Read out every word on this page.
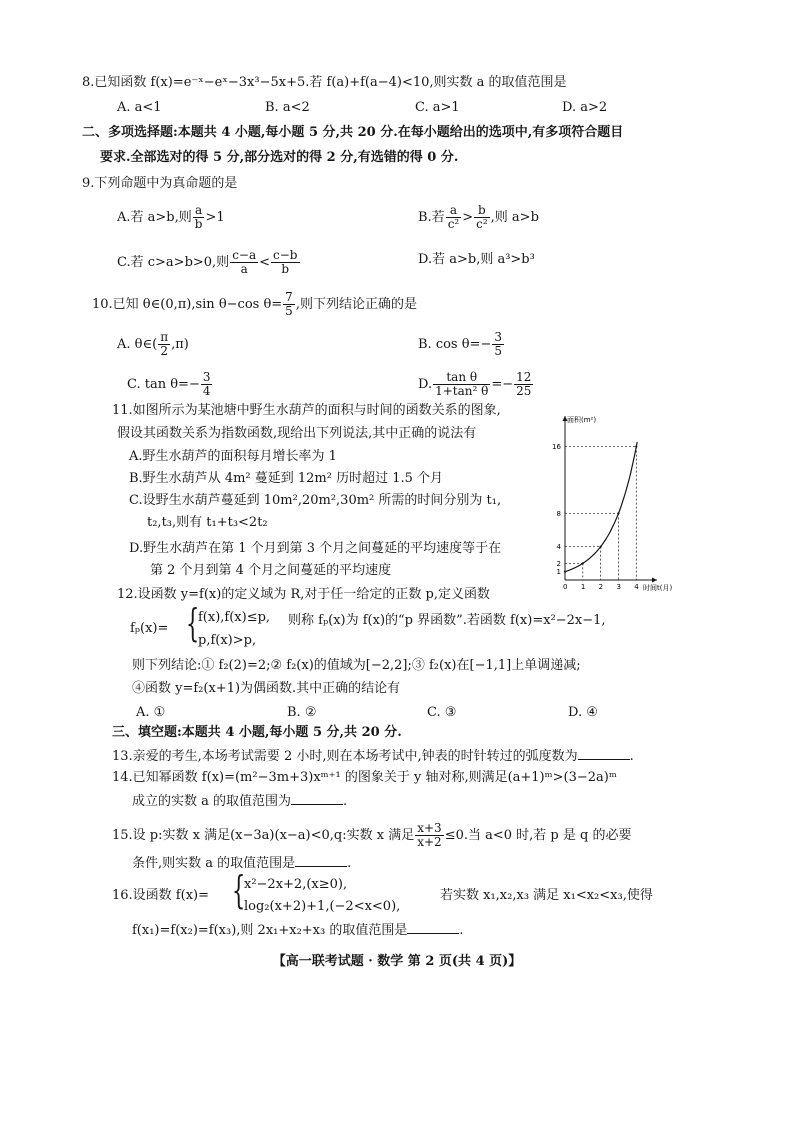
8.已知函数 f(x)=e⁻ˣ−eˣ−3x³−5x+5.若 f(a)+f(a−4)<10,则实数 a 的取值范围是
A. a<1	B. a<2	C. a>1	D. a>2
二、多项选择题:本题共 4 小题,每小题 5 分,共 20 分.在每小题给出的选项中,有多项符合题目
要求.全部选对的得 5 分,部分选对的得 2 分,有选错的得 0 分.
9.下列命题中为真命题的是
A.若 a>b,则 $\frac{a}{b} >1$	B.若 $\frac{a}{\text{c²}} > \frac{b}{\text{c²}}$ ,则 a>b
C.若 c>a>b>0,则 $\frac{c-a}{a} < \frac{c-b}{b}$	D.若 a>b,则 a³>b³
10.已知 θ∈(0,π),sin θ−cos $\theta= \frac{7}{5}$ ,则下列结论正确的是
A. θ∈( $\frac{\pi}{2} ,\pi$)	B. $\cos \theta=- \frac{3}{5}$
C. $\tan \theta=- \frac{3}{4}$	D. $\frac{\text{tan θ}}{\text{1+tan² θ}} =- \frac{12}{25}$
11.如图所示为某池塘中野生水葫芦的面积与时间的函数关系的图象,
假设其函数关系为指数函数,现给出下列说法,其中正确的说法有
A.野生水葫芦的面积每月增长率为 1
B.野生水葫芦从 4m² 蔓延到 12m² 历时超过 1.5 个月
C.设野生水葫芦蔓延到 10m²,20m²,30m² 所需的时间分别为 t₁,
t₂,t₃,则有 t₁+t₃<2t₂
D.野生水葫芦在第 1 个月到第 3 个月之间蔓延的平均速度等于在
第 2 个月到第 4 个月之间蔓延的平均速度
面积(m²)
时间t(月)
0 1 2 3 4
1
2
4
8
16
12.设函数 y=f(x)的定义域为 R,对于任一给定的正数 p,定义函数
fₚ(x)= {
f(x),f(x)≤p,
p,f(x)>p,
则称 fₚ(x)为 f(x)的“p 界函数”.若函数 f(x)=x²−2x−1,
则下列结论:① f₂(2)=2;② f₂(x)的值域为[−2,2];③ f₂(x)在[−1,1]上单调递减;
④函数 y=f₂(x+1)为偶函数.其中正确的结论有
A. ①	B. ②	C. ③	D. ④
三、填空题:本题共 4 小题,每小题 5 分,共 20 分.
13.亲爱的考生,本场考试需要 2 小时,则在本场考试中,钟表的时针转过的弧度数为	.
14.已知幂函数 f(x)=(m²−3m+3)xᵐ⁺¹ 的图象关于 y 轴对称,则满足(a+1)ᵐ>(3−2a)ᵐ
成立的实数 a 的取值范围为	.
15.设 p:实数 x 满足(x−3a)(x−a)<0,q:实数 x 满足 $\frac{x+3}{x+2} \le 0$.当 a<0 时,若 p 是 q 的必要
条件,则实数 a 的取值范围是	.
16.设函数 f(x)= {
x²−2x+2,(x≥0),
log₂(x+2)+1,(−2<x<0),
若实数 x₁,x₂,x₃ 满足 x₁<x₂<x₃,使得
f(x₁)=f(x₂)=f(x₃),则 2x₁+x₂+x₃ 的取值范围是	.
【高一联考试题 · 数学 第 2 页(共 4 页)】
